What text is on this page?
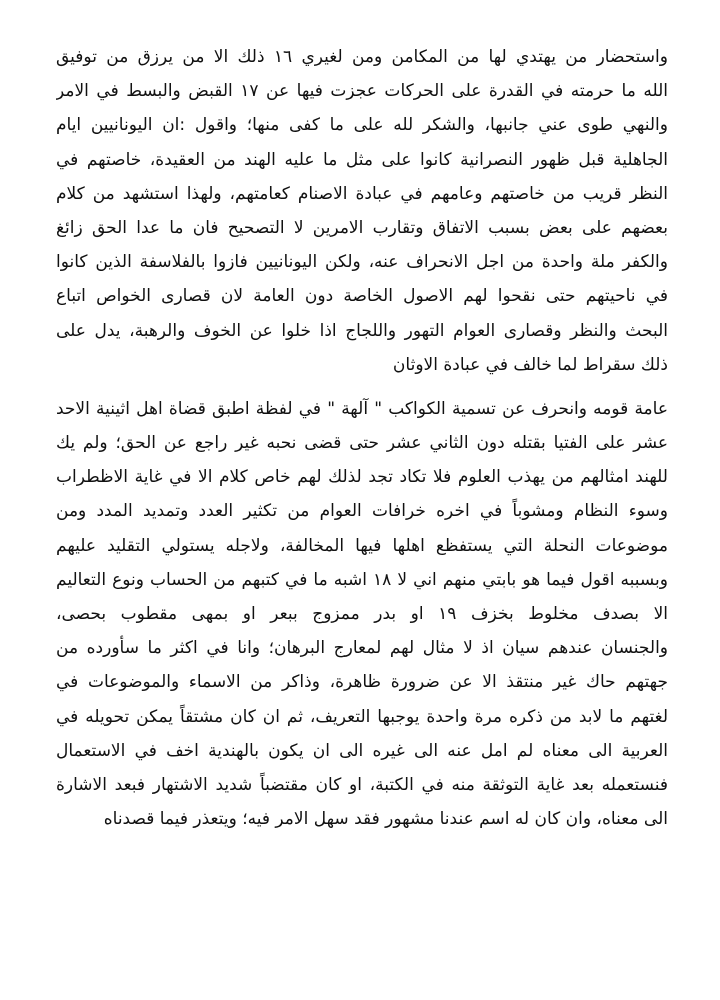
واستحضار من يهتدي لها من المكامن ومن لغيري ١٦ ذلك الا من يرزق من توفيق
الله ما حرمته في القدرة على الحركات عجزت فيها عن ١٧ القبض والبسط في الامر
والنهي طوى عني جانبها، والشكر لله على ما كفى منها؛ واقول :ان اليونانيين ايام
الجاهلية قبل ظهور النصرانية كانوا على مثل ما عليه الهند من العقيدة، خاصتهم في
النظر قريب من خاصتهم وعامهم في عبادة الاصنام كعامتهم، ولهذا استشهد من كلام
بعضهم على بعض بسبب الاتفاق وتقارب الامرين لا التصحيح فان ما عدا الحق زائغ
والكفر ملة واحدة من اجل الانحراف عنه، ولكن اليونانيين فازوا بالفلاسفة الذين كانوا
في ناحيتهم حتى نقحوا لهم الاصول الخاصة دون العامة لان قصارى الخواص اتباع
البحث والنظر وقصارى العوام التهور واللجاج اذا خلوا عن الخوف والرهبة، يدل على
ذلك سقراط لما خالف في عبادة الاوثان

عامة قومه وانحرف عن تسمية الكواكب " آلهة " في لفظة اطبق قضاة اهل اثينية الاحد
عشر على الفتيا بقتله دون الثاني عشر حتى قضى نحبه غير راجع عن الحق؛ ولم يك
للهند امثالهم من يهذب العلوم فلا تكاد تجد لذلك لهم خاص كلام الا في غاية الاظطراب
وسوء النظام ومشوباً في اخره خرافات العوام من تكثير العدد وتمديد المدد ومن
موضوعات النحلة التي يستفظع اهلها فيها المخالفة، ولاجله يستولي التقليد عليهم
وبسببه اقول فيما هو بابتي منهم اني لا ١٨ اشبه ما في كتبهم من الحساب ونوع التعاليم
الا بصدف مخلوط بخزف ١٩ او بدر ممزوج ببعر او بمهى مقطوب بحصى،
والجنسان عندهم سيان اذ لا مثال لهم لمعارج البرهان؛ وانا في اكثر ما سأورده من
جهتهم حاك غير منتقذ الا عن ضرورة ظاهرة، وذاكر من الاسماء والموضوعات في
لغتهم ما لابد من ذكره مرة واحدة يوجبها التعريف، ثم ان كان مشتقاً يمكن تحويله في
العربية الى معناه لم امل عنه الى غيره الى ان يكون بالهندية اخف في الاستعمال
فنستعمله بعد غاية التوثقة منه في الكتبة، او كان مقتضباً شديد الاشتهار فبعد الاشارة
الى معناه، وان كان له اسم عندنا مشهور فقد سهل الامر فيه؛ ويتعذر فيما قصدناه
